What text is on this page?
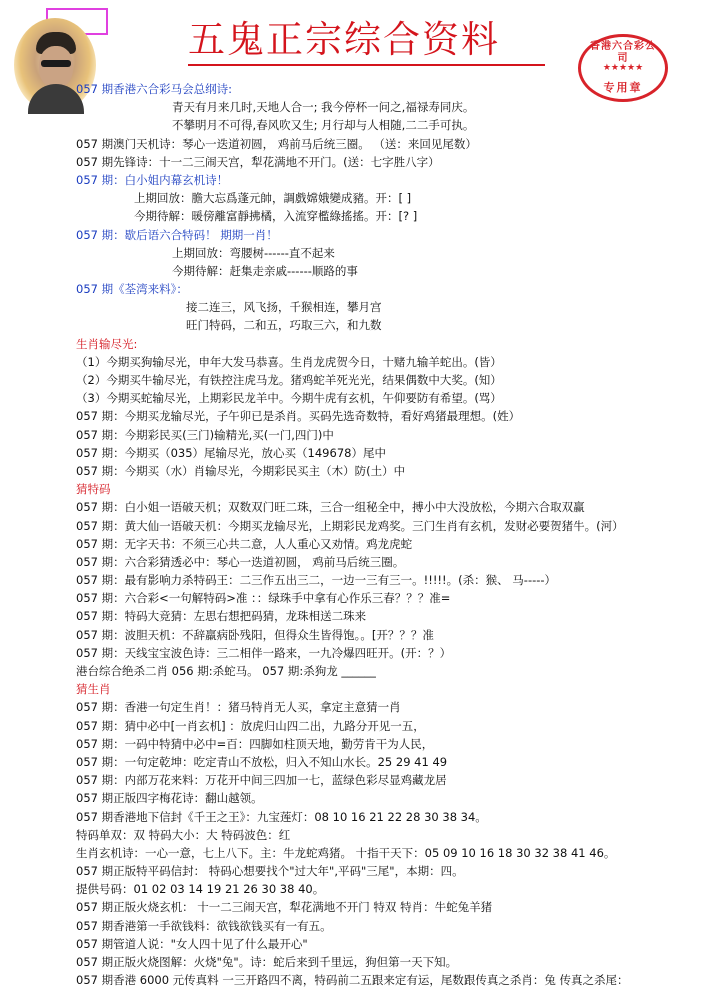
五鬼正宗综合资料	香港六合彩公司
★★★★★
专用章
057 期香港六合彩马会总纲诗:
青天有月来几时,天地人合一; 我今停杯一问之,福禄寿同庆。
不攀明月不可得,春风吹又生; 月行却与人相随,二二手可执。
057 期澳门天机诗：琴心一迭道初圆， 鸡前马后统三圈。 （送：来回见尾数）
057 期先锋诗：十一二三闹天宫，犁花满地不开门。(送：七字胜八字）
057 期：白小姐内幕玄机诗！
上期回放：膽大忘爲蓬元帥，調戲嫦娥變成豬。开：[ ]
今期待解：暖傍離富靜拂橘，入流穿檻綠搖搖。开：[? ]
057 期：歇后语六合特码！ 期期一肖！
上期回放：弯腰树------直不起来
今期待解：赶集走亲戚------顺路的事
057 期《荃湾来料》：
接二连三，风飞扬，千猴相连，攀月宫
旺门特码，二和五，巧取三六，和九数
生肖输尽光:
（1）今期买狗输尽光，申年大发马恭喜。生肖龙虎贺今日，十赌九输羊蛇出。(皆）
（2）今期买牛输尽光，有铁控注虎马龙。猪鸡蛇羊死光光，结果偶数中大奖。(知）
（3）今期买蛇输尽光，上期彩民龙羊中。今期牛虎有玄机，午仰要防有希望。(骂）
057 期：今期买龙输尽光，子午卯已是杀肖。买码先选奇数特，看好鸡猪最理想。(姓）
057 期：今期彩民买(三门)输精光,买(一门,四门)中
057 期：今期买（035）尾输尽光，放心买（149678）尾中
057 期：今期买（水）肖输尽光，今期彩民买主（木）防(土）中
猜特码
057 期：白小姐一语破天机；双数双门旺二珠，三合一组秘全中，搏小中大没放松，今期六合取双赢
057 期：黄大仙一语破天机：今期买龙输尽光，上期彩民龙鸡奖。三门生肖有玄机，发财必要贺猪牛。(河）
057 期：无字天书：不须三心共二意，人人重心又劝情。鸡龙虎蛇
057 期：六合彩猜透必中：琴心一迭道初圆， 鸡前马后统三圈。
057 期：最有影响力杀特码王：二三作五出三二，一边一三有三一。!!!!!。(杀：猴、 马-----）
057 期：六合彩<一句解特码>准 ：：绿珠手中拿有心作乐三春？？？准=
057 期：特码大竞猜：左思右想把码猜，龙珠相送二珠来
057 期：波胆天机：不辞羸病卧残阳，但得众生皆得饱。。[开？？？准
057 期：天线宝宝波色诗：三二相伴一路来，一九冷爆四旺开。(开：？）
港台综合绝杀二肖 056 期:杀蛇马。 057 期:杀狗龙 ______
猜生肖
057 期：香港一句定生肖！：猪马特肖无人买，拿定主意猜一肖
057 期：猜中必中[一肖玄机] ：放虎归山四二出，九路分开见一五，
057 期：一码中特猜中必中=百：四脚如柱顶天地，勤劳肯干为人民，
057 期：一句定乾坤：吃定青山不放松，归入不知山水长。25 29 41 49
057 期：内部万花来料：万花开中间三四加一七，蓝绿色彩尽显鸡藏龙居
057 期正版四字梅花诗：翻山越领。
057 期香港地下信封《千王之王》：九宝莲灯：08 10 16 21 22 28 30 38 34。
特码单双：双 特码大小：大 特码波色：红
生肖玄机诗：一心一意，七上八下。主：牛龙蛇鸡猪。 十指干天下：05 09 10 16 18 30 32 38 41 46。
057 期正版特平码信封： 特码心想要找个"过大年",平码"三尾"，本期：四。
提供号码：01 02 03 14 19 21 26 30 38 40。
057 期正版火烧玄机： 十一二三闹天宫，犁花满地不开门 特双 特肖：牛蛇兔羊猪
057 期香港第一手欲钱料：欲钱欲钱买有一有五。
057 期管道人说："女人四十见了什么最开心"
057 期正版火烧图解：火烧"兔"。诗：蛇后来到千里远，狗但第一天下知。
057 期香港 6000 元传真料 一三开路四不离，特码前二五跟来定有运，尾数跟传真之杀肖：兔 传真之杀尾：
